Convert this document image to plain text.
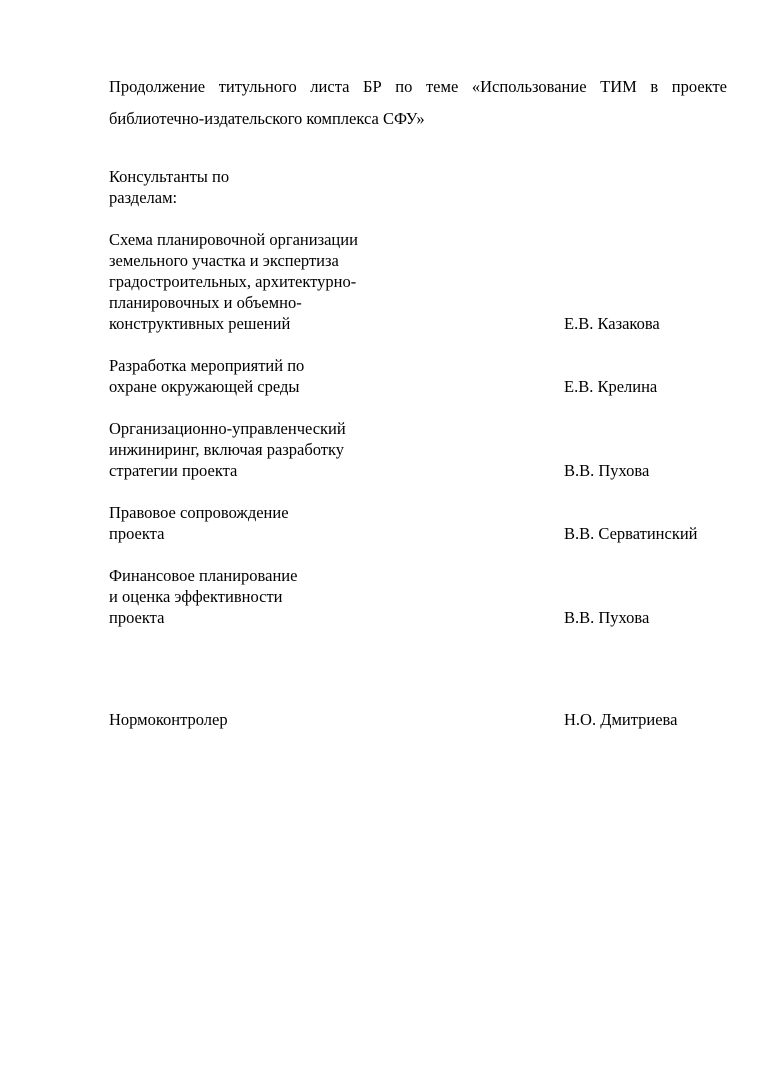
Продолжение титульного листа БР по теме «Использование ТИМ в проекте библиотечно-издательского комплекса СФУ»
Консультанты по
разделам:
Схема планировочной организации
земельного участка и экспертиза
градостроительных, архитектурно-
планировочных и объемно-
конструктивных решений	Е.В. Казакова
Разработка мероприятий по
охране окружающей среды	Е.В. Крелина
Организационно-управленческий
инжиниринг, включая разработку
стратегии проекта	В.В. Пухова
Правовое сопровождение
проекта	В.В. Серватинский
Финансовое планирование
и оценка эффективности
проекта	В.В. Пухова
Нормоконтролер	Н.О. Дмитриева
